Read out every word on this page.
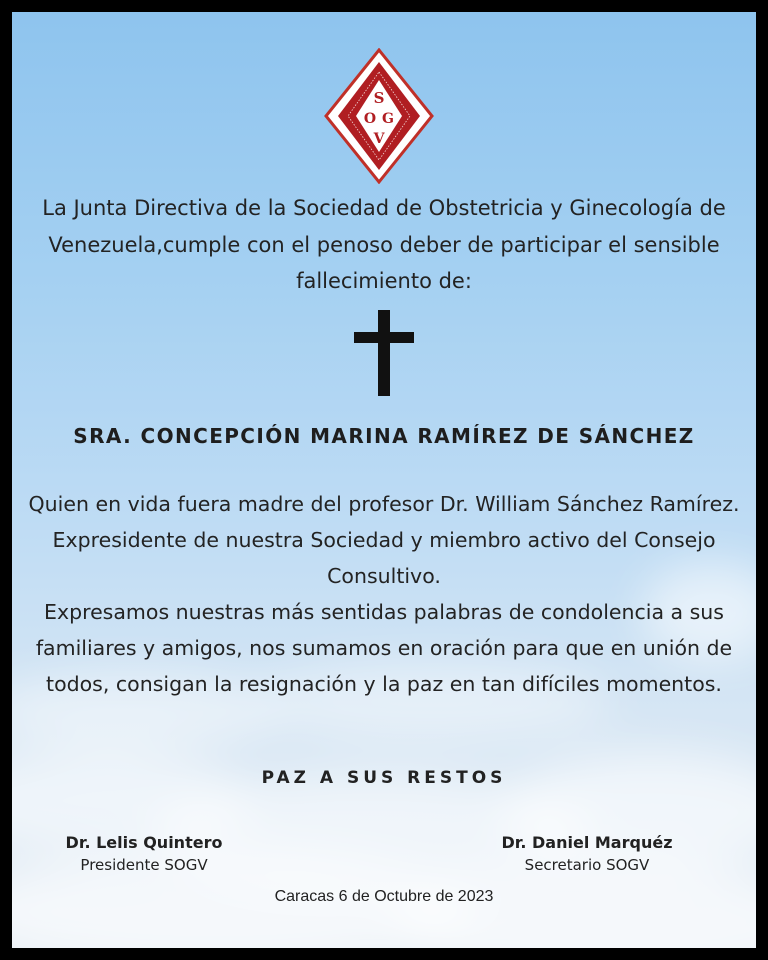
S
O G
V
La Junta Directiva de la Sociedad de Obstetricia y Ginecología de Venezuela,cumple con el penoso deber de participar el sensible fallecimiento de:
SRA. CONCEPCIÓN MARINA RAMÍREZ DE SÁNCHEZ

Quien en vida fuera madre del profesor Dr. William Sánchez Ramírez. Expresidente de nuestra Sociedad y miembro activo del Consejo Consultivo.

Expresamos nuestras más sentidas palabras de condolencia a sus familiares y amigos, nos sumamos en oración para que en unión de todos, consigan la resignación y la paz en tan difíciles momentos.

PAZ A SUS RESTOS
Dr. Lelis Quintero
Presidente SOGV
Dr. Daniel Marquéz
Secretario SOGV
Caracas 6 de Octubre de 2023
